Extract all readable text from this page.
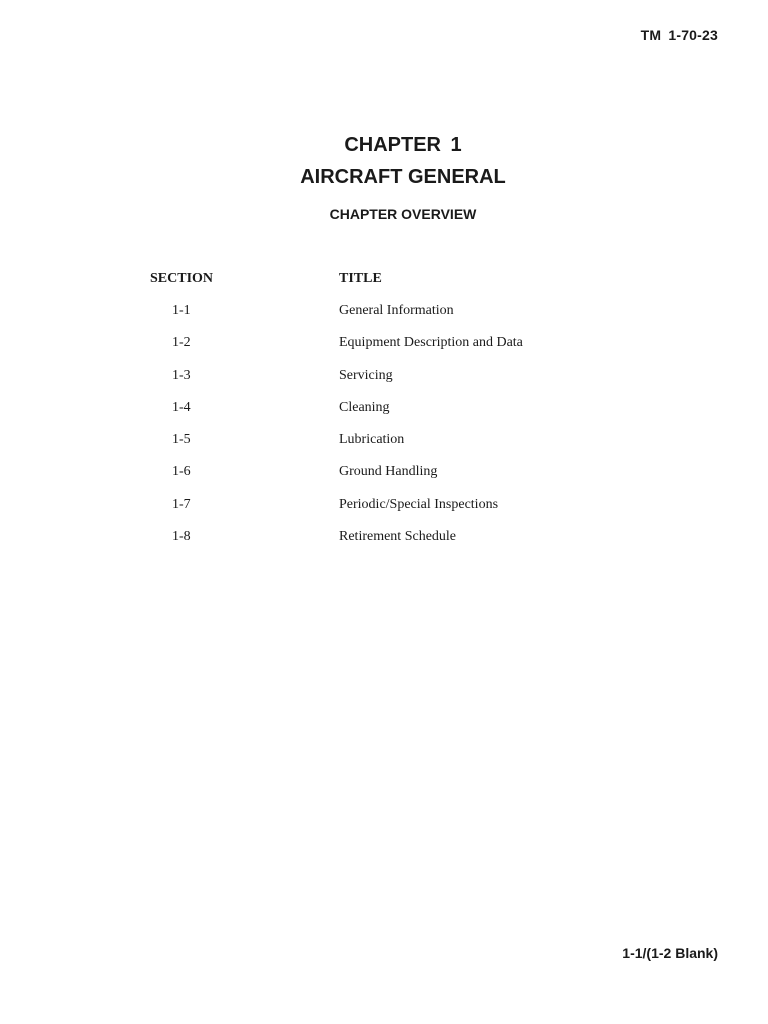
TM 1-70-23
CHAPTER 1
AIRCRAFT GENERAL
CHAPTER OVERVIEW
SECTION	TITLE
1-1	General Information
1-2	Equipment Description and Data
1-3	Servicing
1-4	Cleaning
1-5	Lubrication
1-6	Ground Handling
1-7	Periodic/Special Inspections
1-8	Retirement Schedule
1-1/(1-2 Blank)
